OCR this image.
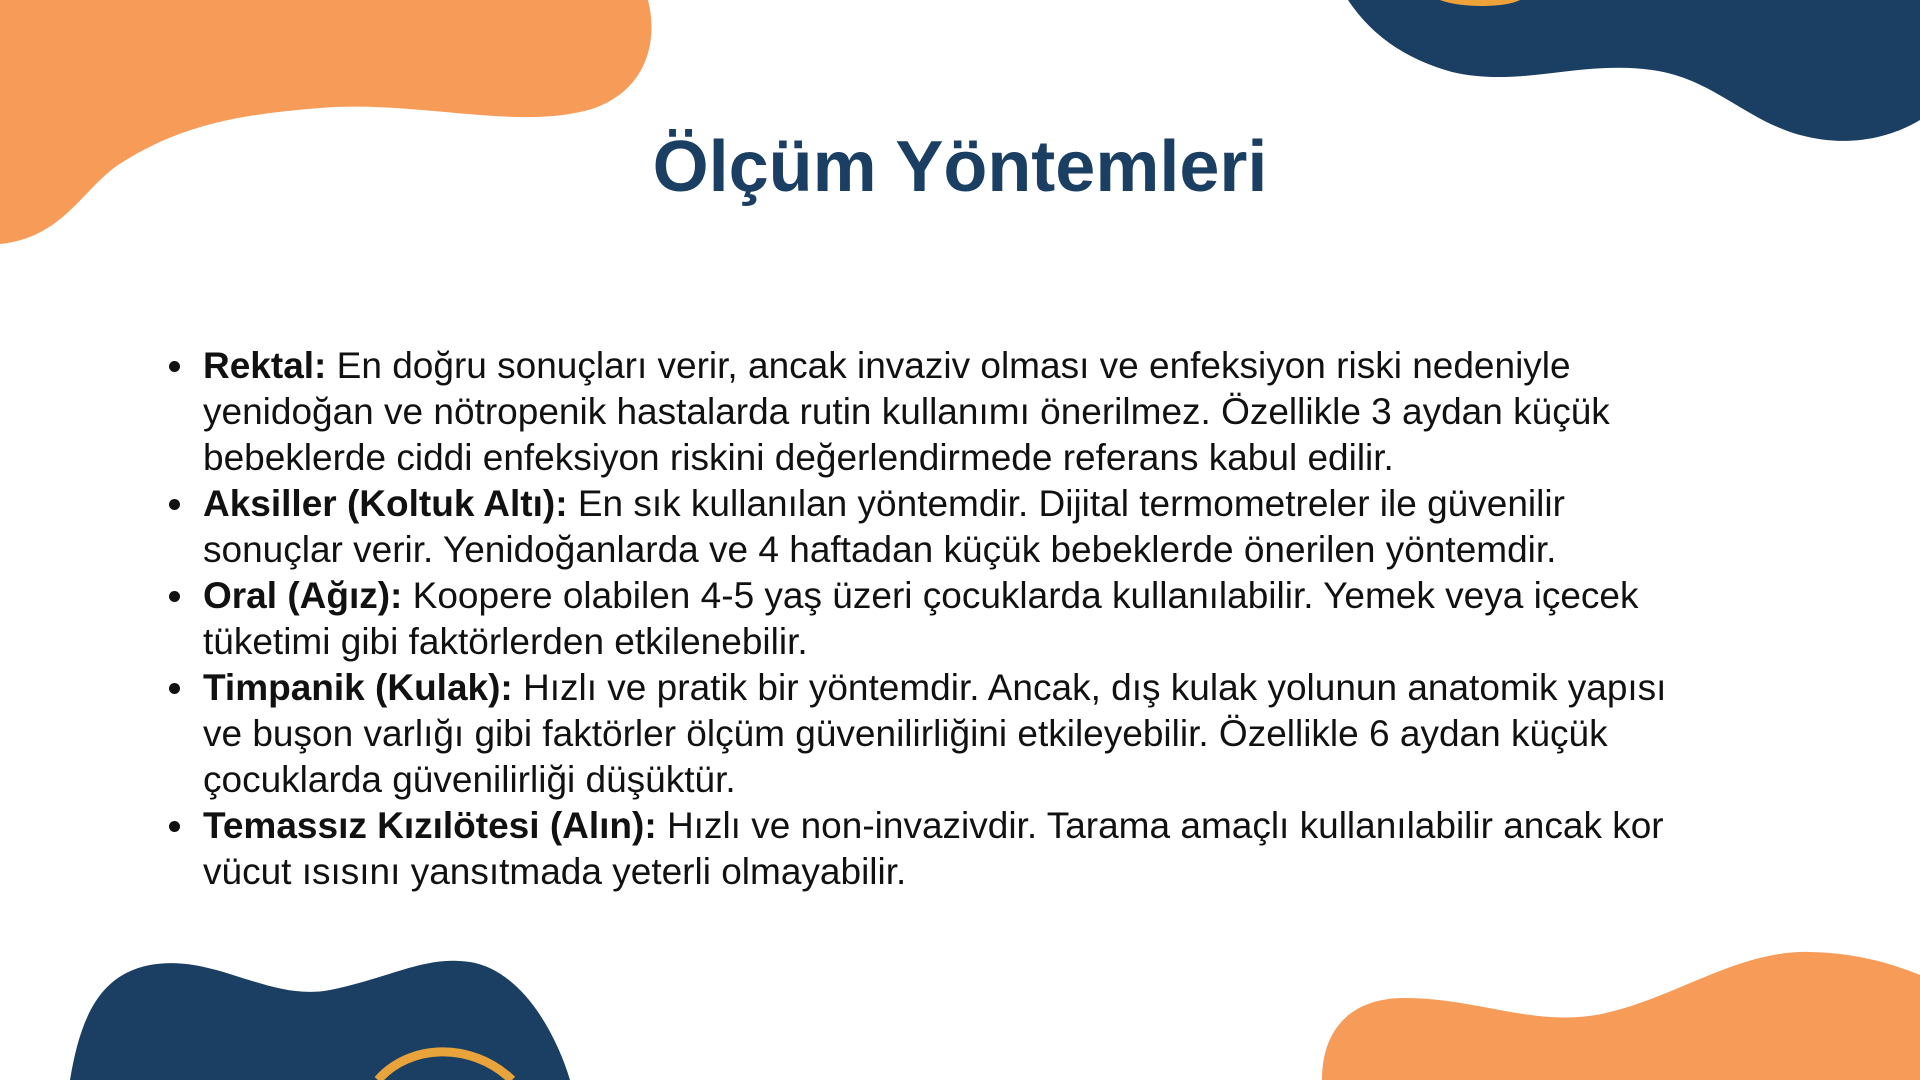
Ölçüm Yöntemleri
Rektal: En doğru sonuçları verir, ancak invaziv olması ve enfeksiyon riski nedeniyle yenidoğan ve nötropenik hastalarda rutin kullanımı önerilmez. Özellikle 3 aydan küçük bebeklerde ciddi enfeksiyon riskini değerlendirmede referans kabul edilir.
Aksiller (Koltuk Altı): En sık kullanılan yöntemdir. Dijital termometreler ile güvenilir sonuçlar verir. Yenidoğanlarda ve 4 haftadan küçük bebeklerde önerilen yöntemdir.
Oral (Ağız): Koopere olabilen 4-5 yaş üzeri çocuklarda kullanılabilir. Yemek veya içecek tüketimi gibi faktörlerden etkilenebilir.
Timpanik (Kulak): Hızlı ve pratik bir yöntemdir. Ancak, dış kulak yolunun anatomik yapısı ve buşon varlığı gibi faktörler ölçüm güvenilirliğini etkileyebilir. Özellikle 6 aydan küçük çocuklarda güvenilirliği düşüktür.
Temassız Kızılötesi (Alın): Hızlı ve non-invazivdir. Tarama amaçlı kullanılabilir ancak kor vücut ısısını yansıtmada yeterli olmayabilir.
